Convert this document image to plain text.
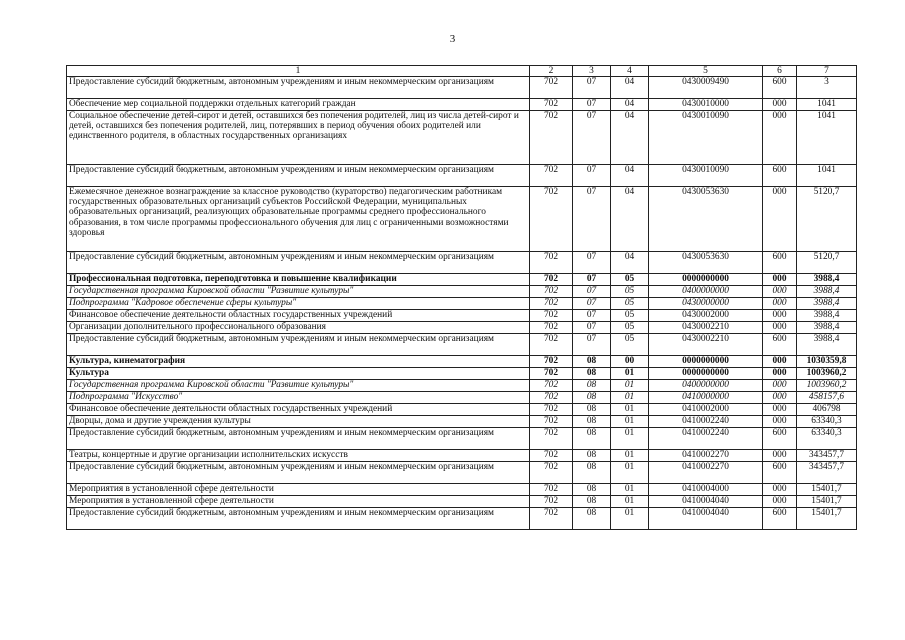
3
1	2	3	4	5	6	7
Предоставление субсидий бюджетным, автономным учреждениям и иным некоммерческим организациям	702	07	04	0430009490	600	3
Обеспечение мер социальной поддержки отдельных категорий граждан	702	07	04	0430010000	000	1041
Социальное обеспечение детей-сирот и детей, оставшихся без попечения родителей, лиц из числа детей-сирот и детей, оставшихся без попечения родителей, лиц, потерявших в период обучения обоих родителей или единственного родителя, в областных государственных организациях	702	07	04	0430010090	000	1041
Предоставление субсидий бюджетным, автономным учреждениям и иным некоммерческим организациям	702	07	04	0430010090	600	1041
Ежемесячное денежное вознаграждение за классное руководство (кураторство) педагогическим работникам государственных образовательных организаций субъектов Российской Федерации, муниципальных образовательных организаций, реализующих образовательные программы среднего профессионального образования, в том числе программы профессионального обучения для лиц с ограниченными возможностями здоровья	702	07	04	0430053630	000	5120,7
Предоставление субсидий бюджетным, автономным учреждениям и иным некоммерческим организациям	702	07	04	0430053630	600	5120,7
Профессиональная подготовка, переподготовка и повышение квалификации	702	07	05	0000000000	000	3988,4
Государственная программа Кировской области "Развитие культуры"	702	07	05	0400000000	000	3988,4
Подпрограмма "Кадровое обеспечение сферы культуры"	702	07	05	0430000000	000	3988,4
Финансовое обеспечение деятельности областных государственных учреждений	702	07	05	0430002000	000	3988,4
Организации дополнительного профессионального образования	702	07	05	0430002210	000	3988,4
Предоставление субсидий бюджетным, автономным учреждениям и иным некоммерческим организациям	702	07	05	0430002210	600	3988,4
Культура, кинематография	702	08	00	0000000000	000	1030359,8
Культура	702	08	01	0000000000	000	1003960,2
Государственная программа Кировской области "Развитие культуры"	702	08	01	0400000000	000	1003960,2
Подпрограмма "Искусство"	702	08	01	0410000000	000	458157,6
Финансовое обеспечение деятельности областных государственных учреждений	702	08	01	0410002000	000	406798
Дворцы, дома и другие учреждения культуры	702	08	01	0410002240	000	63340,3
Предоставление субсидий бюджетным, автономным учреждениям и иным некоммерческим организациям	702	08	01	0410002240	600	63340,3
Театры, концертные и другие организации исполнительских искусств	702	08	01	0410002270	000	343457,7
Предоставление субсидий бюджетным, автономным учреждениям и иным некоммерческим организациям	702	08	01	0410002270	600	343457,7
Мероприятия в установленной сфере деятельности	702	08	01	0410004000	000	15401,7
Мероприятия в установленной сфере деятельности	702	08	01	0410004040	000	15401,7
Предоставление субсидий бюджетным, автономным учреждениям и иным некоммерческим организациям	702	08	01	0410004040	600	15401,7
